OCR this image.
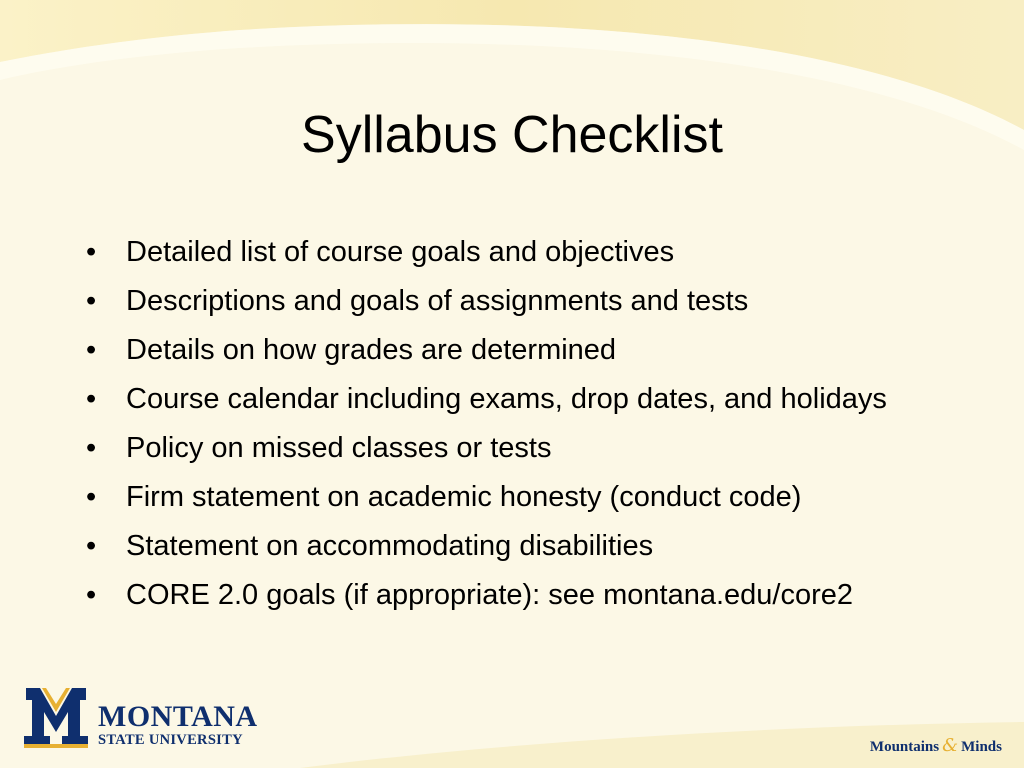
Syllabus Checklist
•	Detailed list of course goals and objectives
•	Descriptions and goals of assignments and tests
•	Details on how grades are determined
•	Course calendar including exams, drop dates, and holidays
•	Policy on missed classes or tests
•	Firm statement on academic honesty (conduct code)
•	Statement on accommodating disabilities
•	CORE 2.0 goals (if appropriate): see montana.edu/core2
MONTANA
STATE UNIVERSITY	Mountains & Minds
